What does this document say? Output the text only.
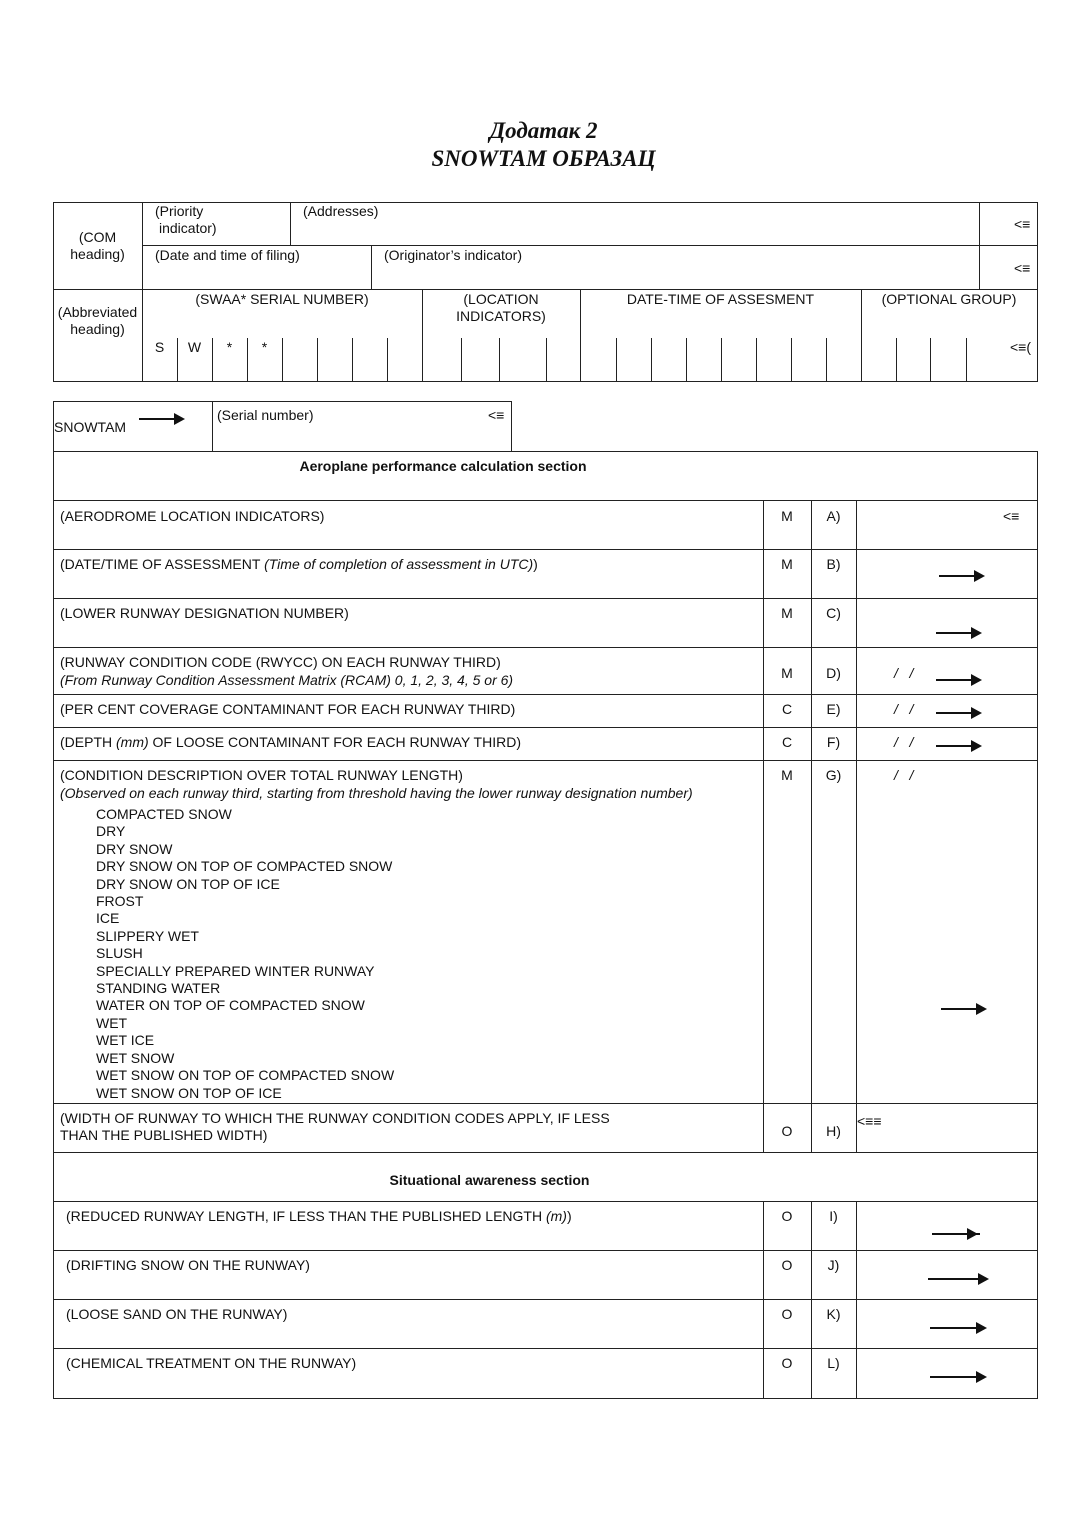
Додатак 2
SNOWTAM ОБРАЗАЦ
(COM
heading)
(Priority
indicator)
(Addresses)
<≡
(Date and time of filing)	(Originator’s indicator)
<≡
(Abbreviated
heading)
(SWAA* SERIAL NUMBER)	(LOCATION
INDICATORS)
DATE-TIME OF ASSESMENT	(OPTIONAL GROUP)
S	W	*	*	<≡(
SNOWTAM
(Serial number)	<≡
Aeroplane performance calculation section
(AERODROME LOCATION INDICATORS)	M	A)	<≡
(DATE/TIME OF ASSESSMENT (Time of completion of assessment in UTC))	M	B)
(LOWER RUNWAY DESIGNATION NUMBER)	M	C)
(RUNWAY CONDITION CODE (RWYCC) ON EACH RUNWAY THIRD)
(From Runway Condition Assessment Matrix (RCAM) 0, 1, 2, 3, 4, 5 or 6)	M	D)	/   /
(PER CENT COVERAGE CONTAMINANT FOR EACH RUNWAY THIRD)	C	E)	/   /
(DEPTH (mm) OF LOOSE CONTAMINANT FOR EACH RUNWAY THIRD)	C	F)	/   /
(CONDITION DESCRIPTION OVER TOTAL RUNWAY LENGTH)
(Observed on each runway third, starting from threshold having the lower runway designation number)
COMPACTED SNOW
DRY
DRY SNOW
DRY SNOW ON TOP OF COMPACTED SNOW
DRY SNOW ON TOP OF ICE
FROST
ICE
SLIPPERY WET
SLUSH
SPECIALLY PREPARED WINTER RUNWAY
STANDING WATER
WATER ON TOP OF COMPACTED SNOW
WET
WET ICE
WET SNOW
WET SNOW ON TOP OF COMPACTED SNOW
WET SNOW ON TOP OF ICE
M	G)	/   /
(WIDTH OF RUNWAY TO WHICH THE RUNWAY CONDITION CODES APPLY, IF LESS
THAN THE PUBLISHED WIDTH)	O	H)
<≡≡
Situational awareness section
(REDUCED RUNWAY LENGTH, IF LESS THAN THE PUBLISHED LENGTH (m))	O	I)
(DRIFTING SNOW ON THE RUNWAY)	O	J)
(LOOSE SAND ON THE RUNWAY)	O	K)
(CHEMICAL TREATMENT ON THE RUNWAY)	O	L)
